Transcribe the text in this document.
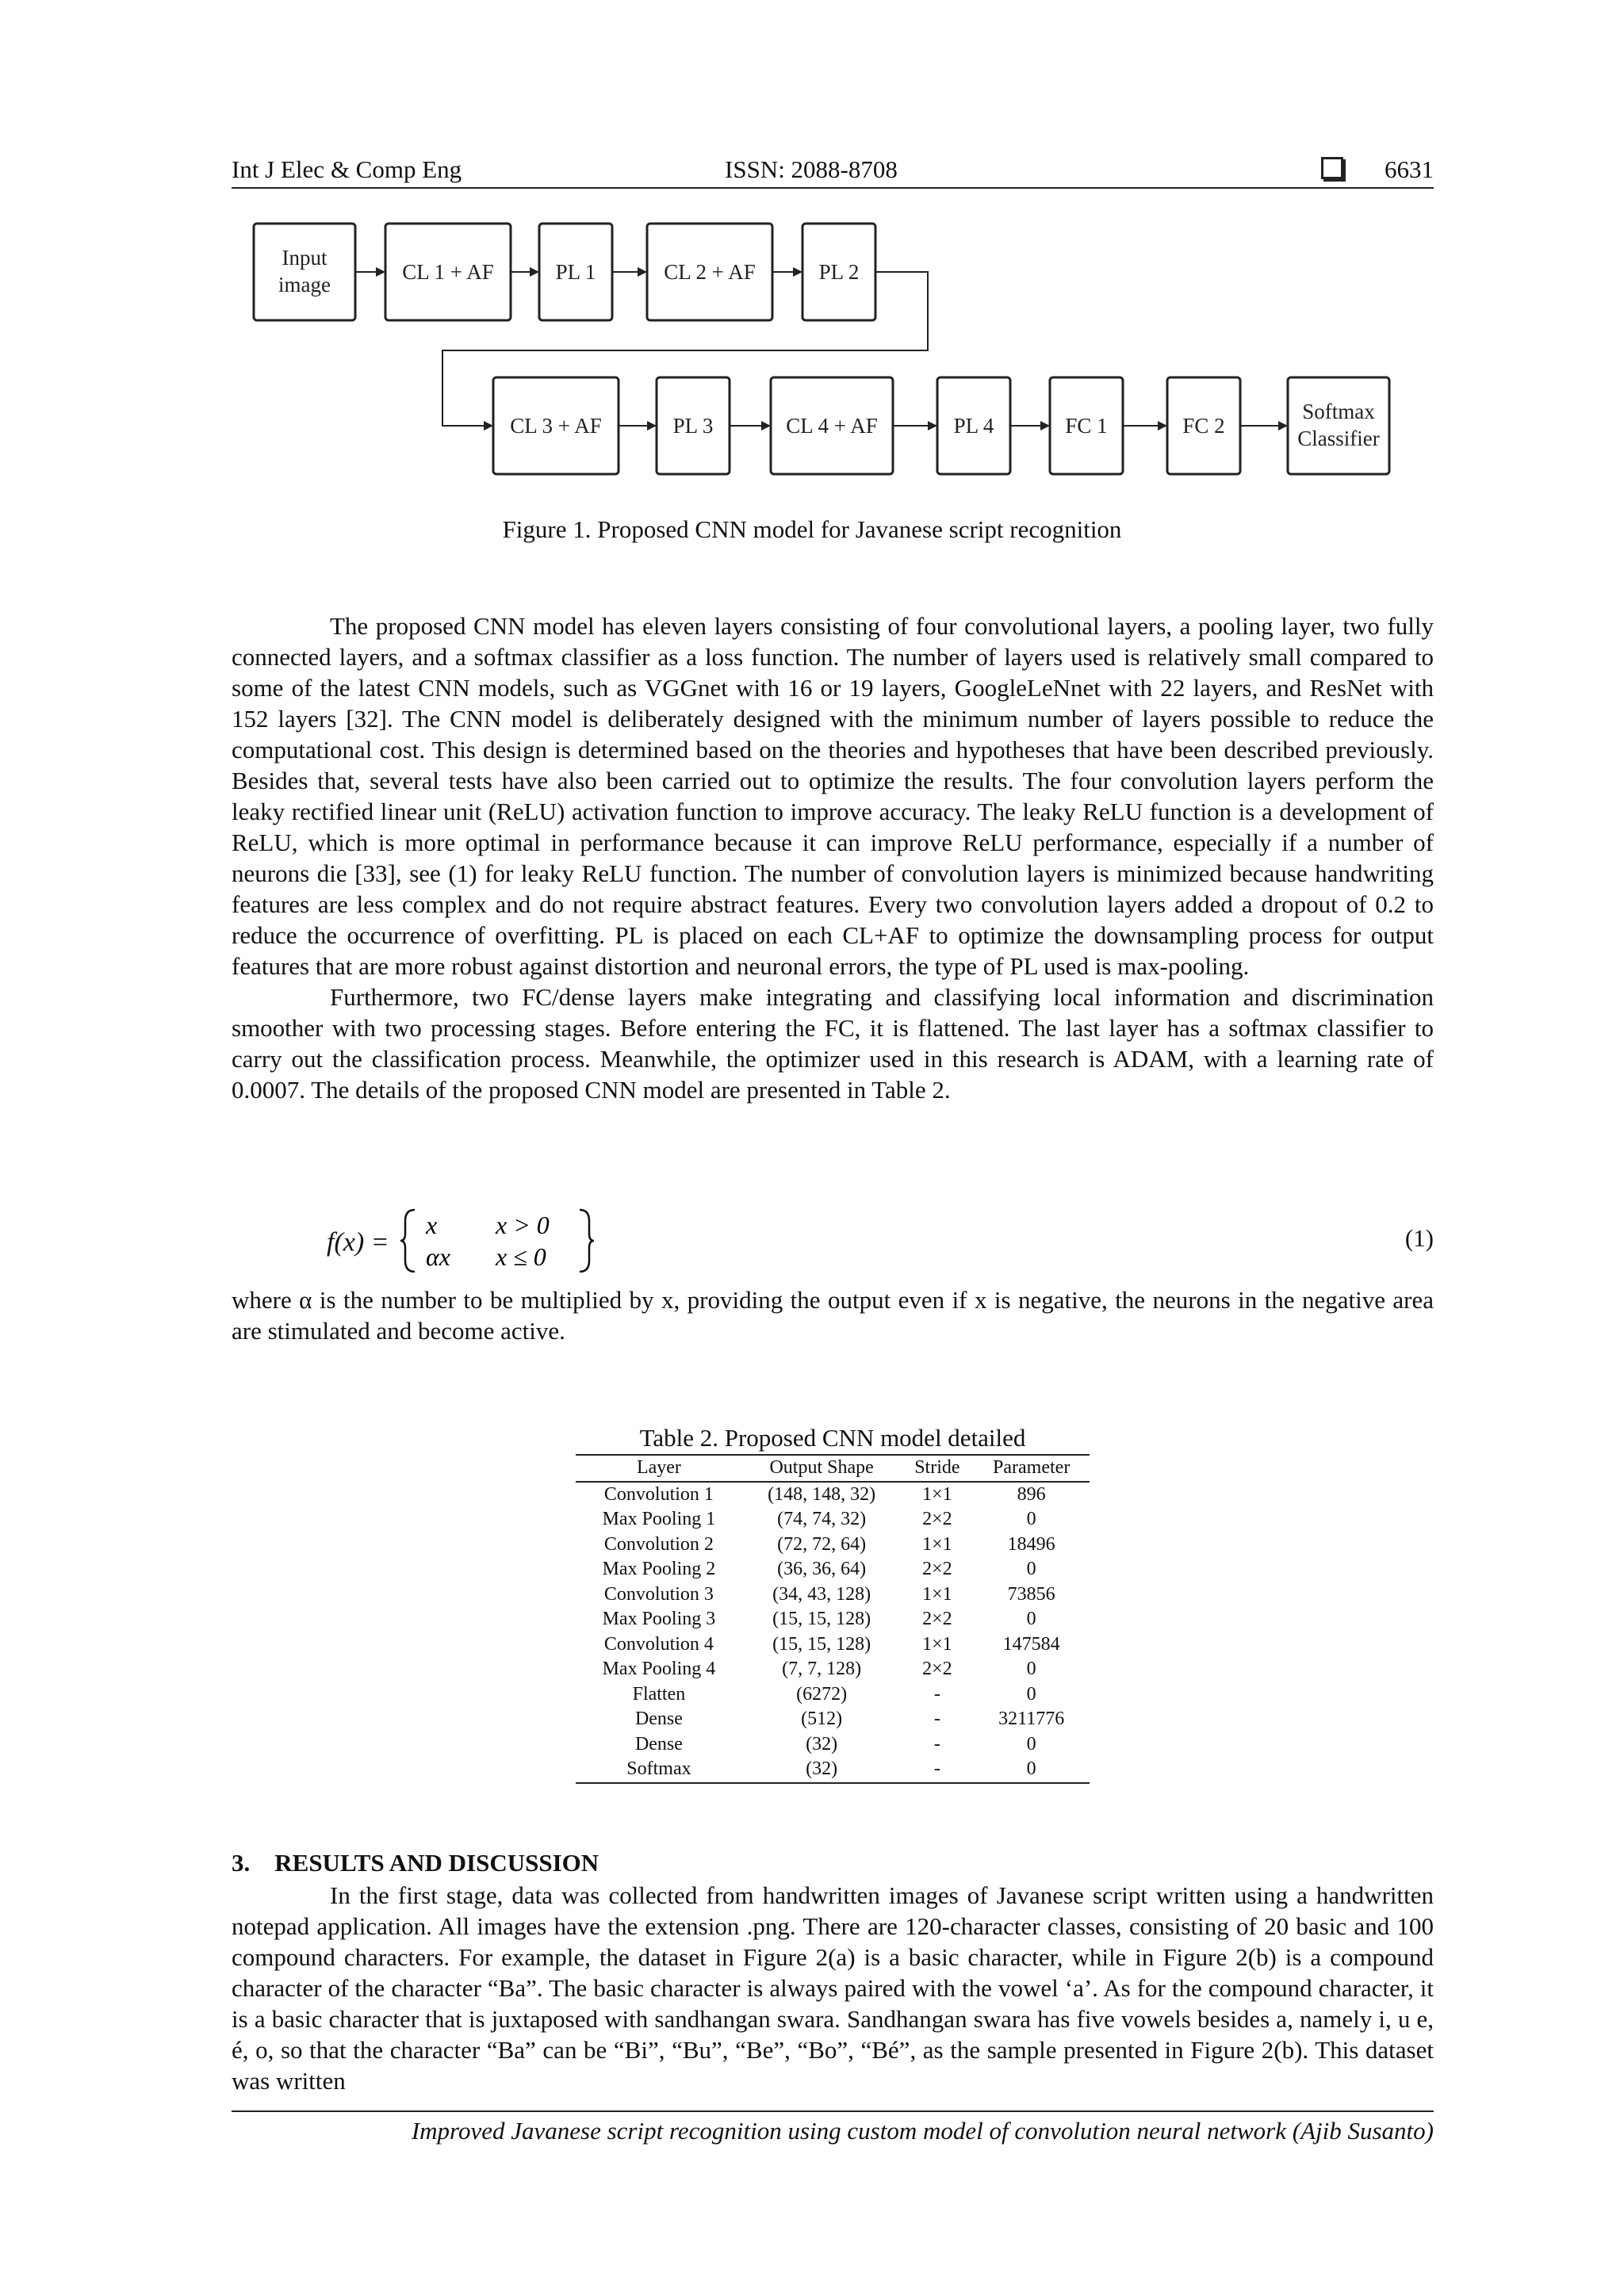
Int J Elec & Comp Eng	ISSN: 2088-8708	6631
Input
image
CL 1 + AF	PL 1	CL 2 + AF	PL 2
CL 3 + AF	PL 3	CL 4 + AF	PL 4	FC 1	FC 2
Softmax
Classifier
Figure 1. Proposed CNN model for Javanese script recognition

The proposed CNN model has eleven layers consisting of four convolutional layers, a pooling layer, two fully connected layers, and a softmax classifier as a loss function. The number of layers used is relatively small compared to some of the latest CNN models, such as VGGnet with 16 or 19 layers, GoogleLeNnet with 22 layers, and ResNet with 152 layers [32]. The CNN model is deliberately designed with the minimum number of layers possible to reduce the computational cost. This design is determined based on the theories and hypotheses that have been described previously. Besides that, several tests have also been carried out to optimize the results. The four convolution layers perform the leaky rectified linear unit (ReLU) activation function to improve accuracy. The leaky ReLU function is a development of ReLU, which is more optimal in performance because it can improve ReLU performance, especially if a number of neurons die [33], see (1) for leaky ReLU function. The number of convolution layers is minimized because handwriting features are less complex and do not require abstract features. Every two convolution layers added a dropout of 0.2 to reduce the occurrence of overfitting. PL is placed on each CL+AF to optimize the downsampling process for output features that are more robust against distortion and neuronal errors, the type of PL used is max-pooling.

Furthermore, two FC/dense layers make integrating and classifying local information and discrimination smoother with two processing stages. Before entering the FC, it is flattened. The last layer has a softmax classifier to carry out the classification process. Meanwhile, the optimizer used in this research is ADAM, with a learning rate of 0.0007. The details of the proposed CNN model are presented in Table 2.

f(x) =
x x > 0
αx x ≤ 0
(1)

where α is the number to be multiplied by x, providing the output even if x is negative, the neurons in the negative area are stimulated and become active.

Table 2. Proposed CNN model detailed
Layer	Output Shape	Stride	Parameter
Convolution 1	(148, 148, 32)	1×1	896
Max Pooling 1	(74, 74, 32)	2×2	0
Convolution 2	(72, 72, 64)	1×1	18496
Max Pooling 2	(36, 36, 64)	2×2	0
Convolution 3	(34, 43, 128)	1×1	73856
Max Pooling 3	(15, 15, 128)	2×2	0
Convolution 4	(15, 15, 128)	1×1	147584
Max Pooling 4	(7, 7, 128)	2×2	0
Flatten	(6272)	-	0
Dense	(512)	-	3211776
Dense	(32)	-	0
Softmax	(32)	-	0
3. RESULTS AND DISCUSSION

In the first stage, data was collected from handwritten images of Javanese script written using a handwritten notepad application. All images have the extension .png. There are 120-character classes, consisting of 20 basic and 100 compound characters. For example, the dataset in Figure 2(a) is a basic character, while in Figure 2(b) is a compound character of the character “Ba”. The basic character is always paired with the vowel ‘a’. As for the compound character, it is a basic character that is juxtaposed with sandhangan swara. Sandhangan swara has five vowels besides a, namely i, u e, é, o, so that the character “Ba” can be “Bi”, “Bu”, “Be”, “Bo”, “Bé”, as the sample presented in Figure 2(b). This dataset was written

Improved Javanese script recognition using custom model of convolution neural network (Ajib Susanto)
